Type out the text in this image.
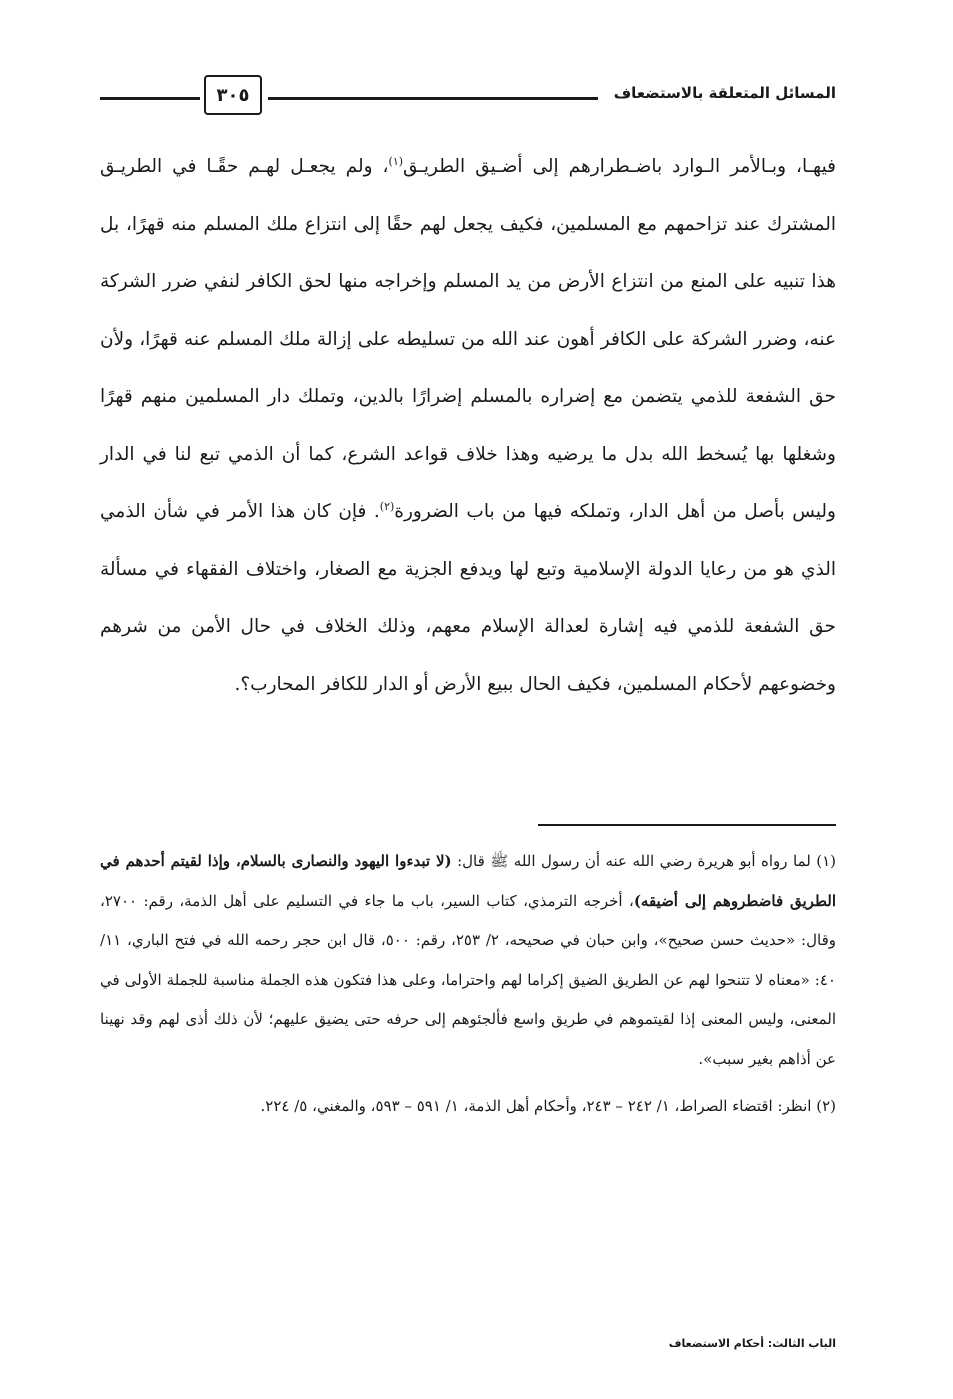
المسائل المتعلقة بالاستضعاف
٣٠٥

فيهـا، وبـالأمر الـوارد باضـطرارهم إلى أضـيق الطريـق$^{(١)}$، ولم يجعـل لهـم حقًـا في الطريـق المشترك عند تزاحمهم مع المسلمين، فكيف يجعل لهم حقًا إلى انتزاع ملك المسلم منه قهرًا، بل هذا تنبيه على المنع من انتزاع الأرض من يد المسلم وإخراجه منها لحق الكافر لنفي ضرر الشركة عنه، وضرر الشركة على الكافر أهون عند الله من تسليطه على إزالة ملك المسلم عنه قهرًا، ولأن حق الشفعة للذمي يتضمن مع إضراره بالمسلم إضرارًا بالدين، وتملك دار المسلمين منهم قهرًا وشغلها بها يُسخط الله بدل ما يرضيه وهذا خلاف قواعد الشرع، كما أن الذمي تبع لنا في الدار وليس بأصل من أهل الدار، وتملكه فيها من باب الضرورة$^{(٢)}$. فإن كان هذا الأمر في شأن الذمي الذي هو من رعايا الدولة الإسلامية وتبع لها ويدفع الجزية مع الصغار، واختلاف الفقهاء في مسألة حق الشفعة للذمي فيه إشارة لعدالة الإسلام معهم، وذلك الخلاف في حال الأمن من شرهم وخضوعهم لأحكام المسلمين، فكيف الحال ببيع الأرض أو الدار للكافر المحارب؟.

(١) لما رواه أبو هريرة رضي الله عنه أن رسول الله ﷺ قال: (لا تبدءوا اليهود والنصارى بالسلام، وإذا لقيتم أحدهم في الطريق فاضطروهم إلى أضيقه)، أخرجه الترمذي، كتاب السير، باب ما جاء في التسليم على أهل الذمة، رقم: ٢٧٠٠، وقال: «حديث حسن صحيح»، وابن حبان في صحيحه، ٢/ ٢٥٣، رقم: ٥٠٠، قال ابن حجر رحمه الله في فتح الباري، ١١/ ٤٠: «معناه لا تتنحوا لهم عن الطريق الضيق إكراما لهم واحتراما، وعلى هذا فتكون هذه الجملة مناسبة للجملة الأولى في المعنى، وليس المعنى إذا لقيتموهم في طريق واسع فألجئوهم إلى حرفه حتى يضيق عليهم؛ لأن ذلك أذى لهم وقد نهينا عن أذاهم بغير سبب».

(٢) انظر: اقتضاء الصراط، ١/ ٢٤٢ – ٢٤٣، وأحكام أهل الذمة، ١/ ٥٩١ – ٥٩٣، والمغني، ٥/ ٢٢٤.

الباب الثالث: أحكام الاستضعاف
